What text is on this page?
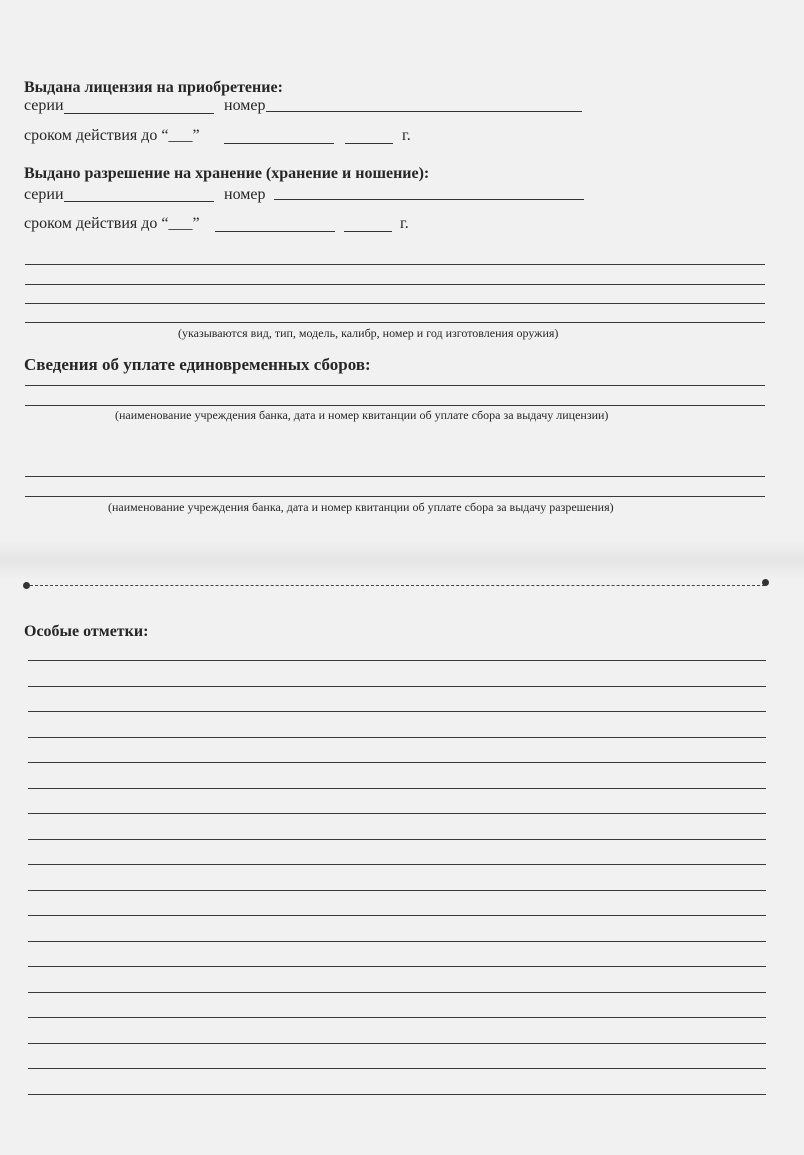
Выдана лицензия на приобретение:
серии	номер
сроком действия до “___”	г.
Выдано разрешение на хранение (хранение и ношение):
серии	номер
сроком действия до “___”	г.
(указываются вид, тип, модель, калибр, номер и год изготовления оружия)
Сведения об уплате единовременных сборов:
(наименование учреждения банка, дата и номер квитанции об уплате сбора за выдачу лицензии)
(наименование учреждения банка, дата и номер квитанции об уплате сбора за выдачу разрешения)
Особые отметки:
